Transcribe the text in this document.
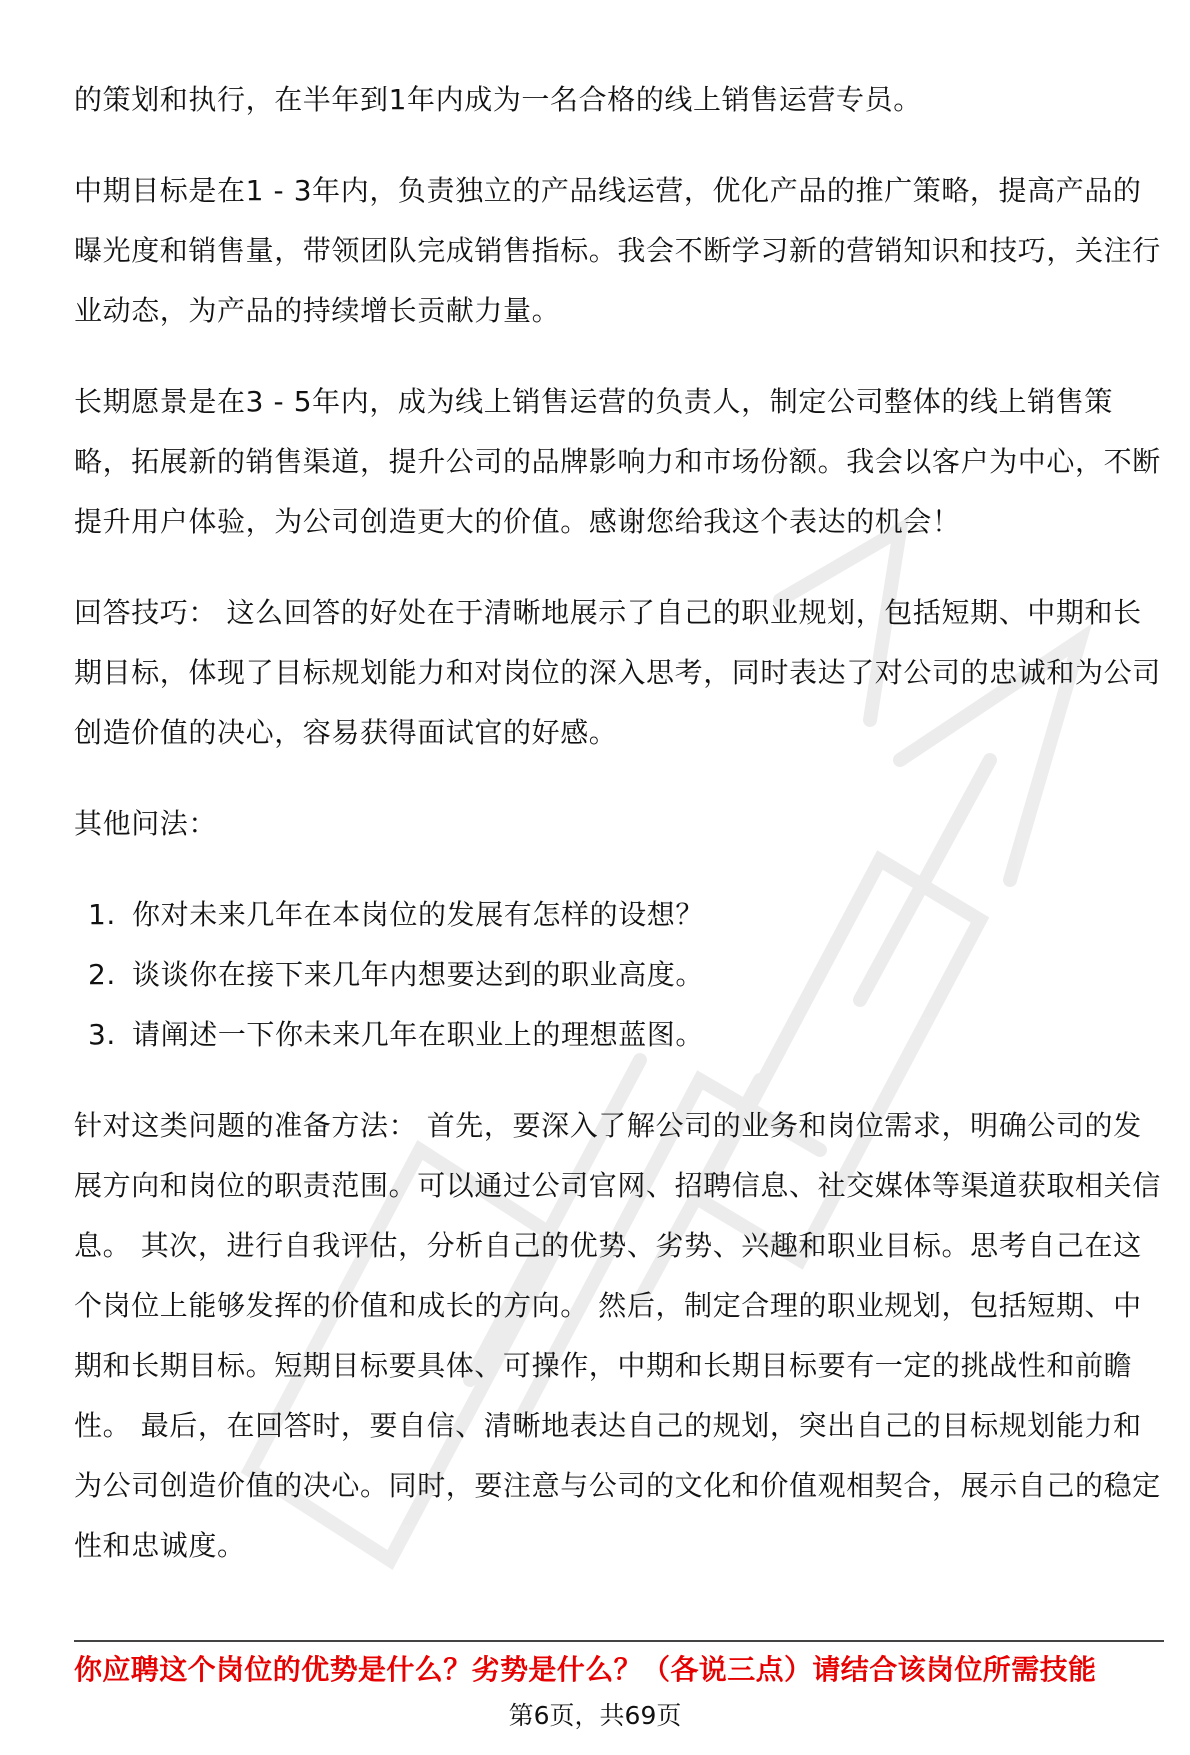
的策划和执行，在半年到1年内成为一名合格的线上销售运营专员。

中期目标是在1 - 3年内，负责独立的产品线运营，优化产品的推广策略，提高产品的曝光度和销售量，带领团队完成销售指标。我会不断学习新的营销知识和技巧，关注行业动态，为产品的持续增长贡献力量。

长期愿景是在3 - 5年内，成为线上销售运营的负责人，制定公司整体的线上销售策略，拓展新的销售渠道，提升公司的品牌影响力和市场份额。我会以客户为中心，不断提升用户体验，为公司创造更大的价值。感谢您给我这个表达的机会！

回答技巧： 这么回答的好处在于清晰地展示了自己的职业规划，包括短期、中期和长期目标，体现了目标规划能力和对岗位的深入思考，同时表达了对公司的忠诚和为公司创造价值的决心，容易获得面试官的好感。

其他问法：

1. 你对未来几年在本岗位的发展有怎样的设想？
2. 谈谈你在接下来几年内想要达到的职业高度。
3. 请阐述一下你未来几年在职业上的理想蓝图。

针对这类问题的准备方法： 首先，要深入了解公司的业务和岗位需求，明确公司的发展方向和岗位的职责范围。可以通过公司官网、招聘信息、社交媒体等渠道获取相关信息。 其次，进行自我评估，分析自己的优势、劣势、兴趣和职业目标。思考自己在这个岗位上能够发挥的价值和成长的方向。 然后，制定合理的职业规划，包括短期、中期和长期目标。短期目标要具体、可操作，中期和长期目标要有一定的挑战性和前瞻性。 最后，在回答时，要自信、清晰地表达自己的规划，突出自己的目标规划能力和为公司创造价值的决心。同时，要注意与公司的文化和价值观相契合，展示自己的稳定性和忠诚度。

你应聘这个岗位的优势是什么？劣势是什么？（各说三点）请结合该岗位所需技能
第6页，共69页
